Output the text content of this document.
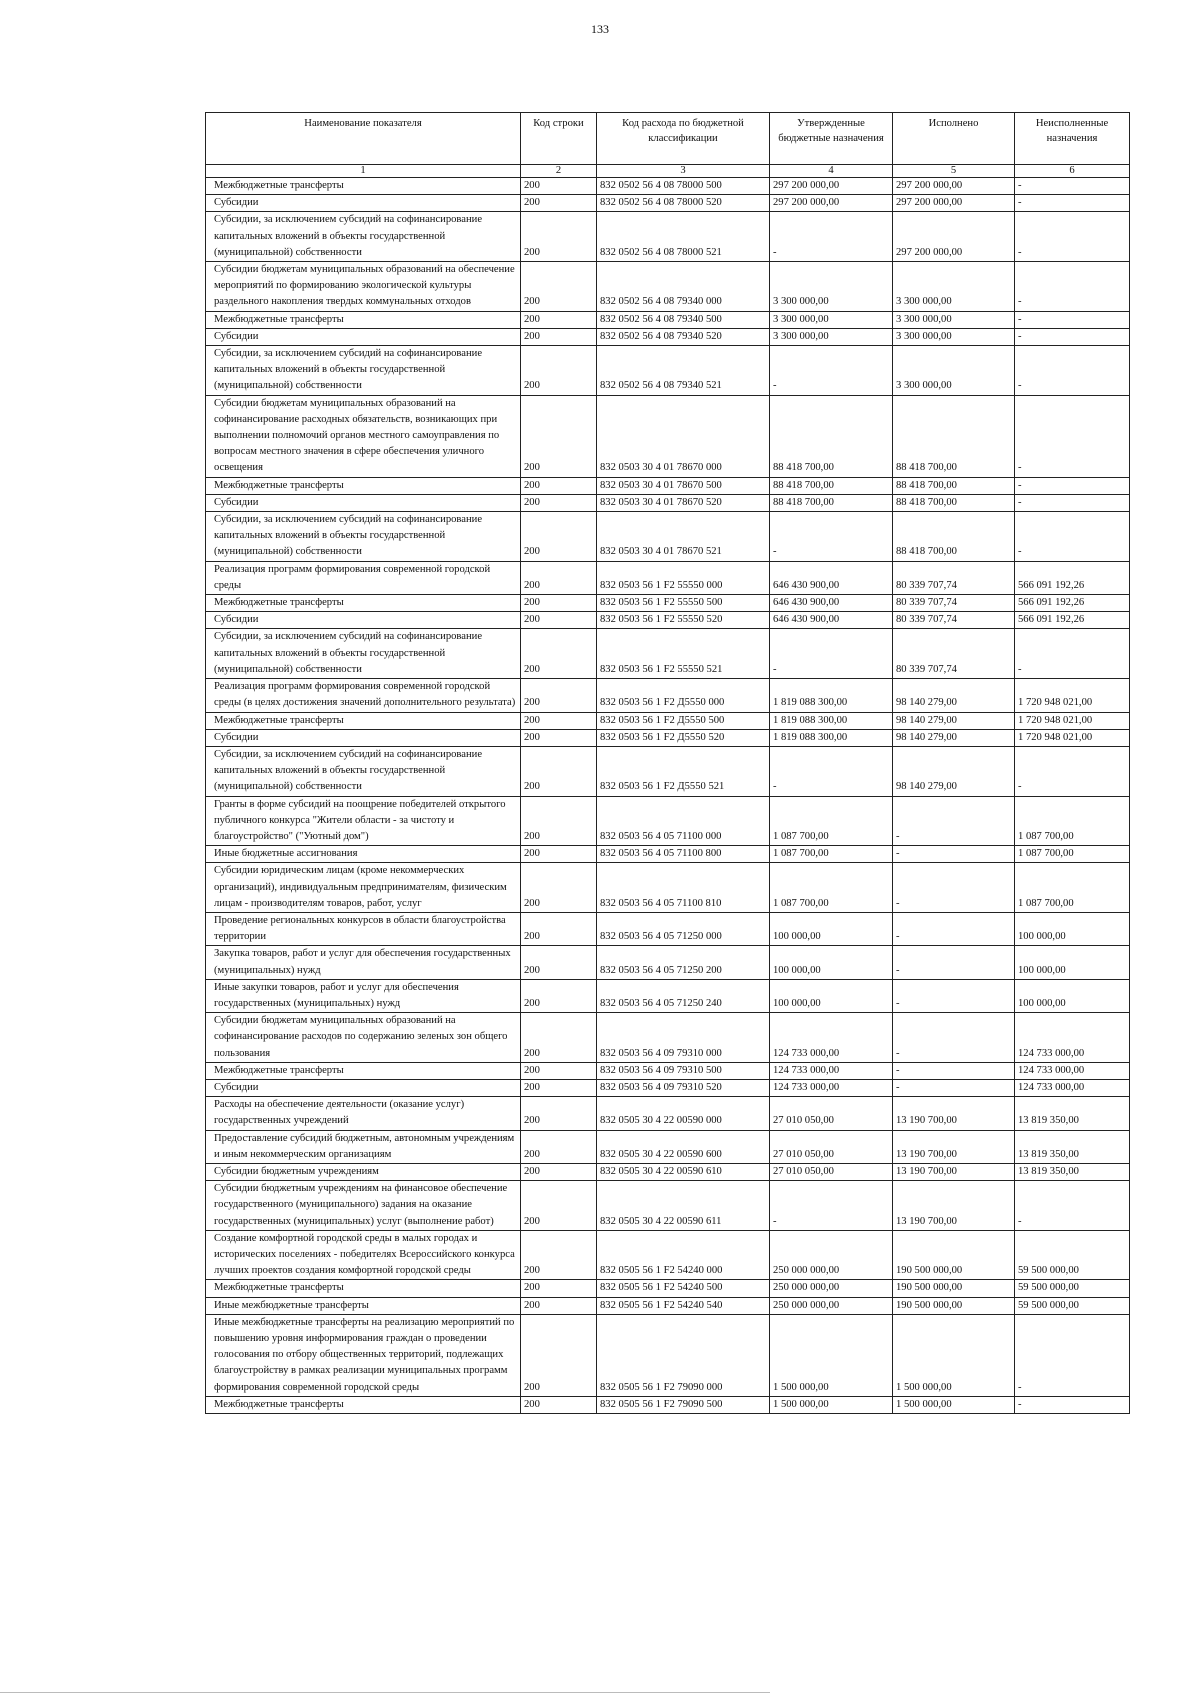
133
Наименование показателя	Код строки	Код расхода по бюджетной классификации	Утвержденные бюджетные назначения	Исполнено	Неисполненные назначения
1	2	3	4	5	6
Межбюджетные трансферты	200	832 0502 56 4 08 78000 500	297 200 000,00	297 200 000,00	-
Субсидии	200	832 0502 56 4 08 78000 520	297 200 000,00	297 200 000,00	-
Субсидии, за исключением субсидий на софинансирование капитальных вложений в объекты государственной (муниципальной) собственности	200	832 0502 56 4 08 78000 521	-	297 200 000,00	-
Субсидии бюджетам муниципальных образований на обеспечение мероприятий по формированию экологической культуры раздельного накопления твердых коммунальных отходов	200	832 0502 56 4 08 79340 000	3 300 000,00	3 300 000,00	-
Межбюджетные трансферты	200	832 0502 56 4 08 79340 500	3 300 000,00	3 300 000,00	-
Субсидии	200	832 0502 56 4 08 79340 520	3 300 000,00	3 300 000,00	-
Субсидии, за исключением субсидий на софинансирование капитальных вложений в объекты государственной (муниципальной) собственности	200	832 0502 56 4 08 79340 521	-	3 300 000,00	-
Субсидии бюджетам муниципальных образований на софинансирование расходных обязательств, возникающих при выполнении полномочий органов местного самоуправления по вопросам местного значения в сфере обеспечения уличного освещения	200	832 0503 30 4 01 78670 000	88 418 700,00	88 418 700,00	-
Межбюджетные трансферты	200	832 0503 30 4 01 78670 500	88 418 700,00	88 418 700,00	-
Субсидии	200	832 0503 30 4 01 78670 520	88 418 700,00	88 418 700,00	-
Субсидии, за исключением субсидий на софинансирование капитальных вложений в объекты государственной (муниципальной) собственности	200	832 0503 30 4 01 78670 521	-	88 418 700,00	-
Реализация программ формирования современной городской среды	200	832 0503 56 1 F2 55550 000	646 430 900,00	80 339 707,74	566 091 192,26
Межбюджетные трансферты	200	832 0503 56 1 F2 55550 500	646 430 900,00	80 339 707,74	566 091 192,26
Субсидии	200	832 0503 56 1 F2 55550 520	646 430 900,00	80 339 707,74	566 091 192,26
Субсидии, за исключением субсидий на софинансирование капитальных вложений в объекты государственной (муниципальной) собственности	200	832 0503 56 1 F2 55550 521	-	80 339 707,74	-
Реализация программ формирования современной городской среды (в целях достижения значений дополнительного результата)	200	832 0503 56 1 F2 Д5550 000	1 819 088 300,00	98 140 279,00	1 720 948 021,00
Межбюджетные трансферты	200	832 0503 56 1 F2 Д5550 500	1 819 088 300,00	98 140 279,00	1 720 948 021,00
Субсидии	200	832 0503 56 1 F2 Д5550 520	1 819 088 300,00	98 140 279,00	1 720 948 021,00
Субсидии, за исключением субсидий на софинансирование капитальных вложений в объекты государственной (муниципальной) собственности	200	832 0503 56 1 F2 Д5550 521	-	98 140 279,00	-
Гранты в форме субсидий на поощрение победителей открытого публичного конкурса "Жители области - за чистоту и благоустройство" ("Уютный дом")	200	832 0503 56 4 05 71100 000	1 087 700,00	-	1 087 700,00
Иные бюджетные ассигнования	200	832 0503 56 4 05 71100 800	1 087 700,00	-	1 087 700,00
Субсидии юридическим лицам (кроме некоммерческих организаций), индивидуальным предпринимателям, физическим лицам - производителям товаров, работ, услуг	200	832 0503 56 4 05 71100 810	1 087 700,00	-	1 087 700,00
Проведение региональных конкурсов в области благоустройства территории	200	832 0503 56 4 05 71250 000	100 000,00	-	100 000,00
Закупка товаров, работ и услуг для обеспечения государственных (муниципальных) нужд	200	832 0503 56 4 05 71250 200	100 000,00	-	100 000,00
Иные закупки товаров, работ и услуг для обеспечения государственных (муниципальных) нужд	200	832 0503 56 4 05 71250 240	100 000,00	-	100 000,00
Субсидии бюджетам муниципальных образований на софинансирование расходов по содержанию зеленых зон общего пользования	200	832 0503 56 4 09 79310 000	124 733 000,00	-	124 733 000,00
Межбюджетные трансферты	200	832 0503 56 4 09 79310 500	124 733 000,00	-	124 733 000,00
Субсидии	200	832 0503 56 4 09 79310 520	124 733 000,00	-	124 733 000,00
Расходы на обеспечение деятельности (оказание услуг) государственных учреждений	200	832 0505 30 4 22 00590 000	27 010 050,00	13 190 700,00	13 819 350,00
Предоставление субсидий бюджетным, автономным учреждениям и иным некоммерческим организациям	200	832 0505 30 4 22 00590 600	27 010 050,00	13 190 700,00	13 819 350,00
Субсидии бюджетным учреждениям	200	832 0505 30 4 22 00590 610	27 010 050,00	13 190 700,00	13 819 350,00
Субсидии бюджетным учреждениям на финансовое обеспечение государственного (муниципального) задания на оказание государственных (муниципальных) услуг (выполнение работ)	200	832 0505 30 4 22 00590 611	-	13 190 700,00	-
Создание комфортной городской среды в малых городах и исторических поселениях - победителях Всероссийского конкурса лучших проектов создания комфортной городской среды	200	832 0505 56 1 F2 54240 000	250 000 000,00	190 500 000,00	59 500 000,00
Межбюджетные трансферты	200	832 0505 56 1 F2 54240 500	250 000 000,00	190 500 000,00	59 500 000,00
Иные межбюджетные трансферты	200	832 0505 56 1 F2 54240 540	250 000 000,00	190 500 000,00	59 500 000,00
Иные межбюджетные трансферты на реализацию мероприятий по повышению уровня информирования граждан о проведении голосования по отбору общественных территорий, подлежащих благоустройству в рамках реализации муниципальных программ формирования современной городской среды	200	832 0505 56 1 F2 79090 000	1 500 000,00	1 500 000,00	-
Межбюджетные трансферты	200	832 0505 56 1 F2 79090 500	1 500 000,00	1 500 000,00	-
